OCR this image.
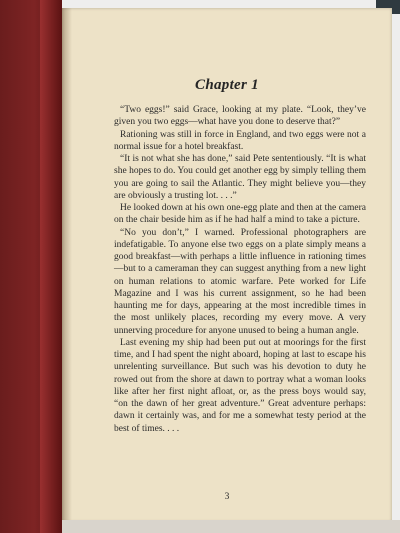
Chapter 1

“Two eggs!” said Grace, looking at my plate. “Look, they’ve given you two eggs—what have you done to deserve that?”

Rationing was still in force in England, and two eggs were not a normal issue for a hotel breakfast.

“It is not what she has done,” said Pete sententiously. “It is what she hopes to do. You could get another egg by simply telling them you are going to sail the Atlantic. They might believe you—they are obviously a trusting lot. . . .”

He looked down at his own one-egg plate and then at the camera on the chair beside him as if he had half a mind to take a picture.

“No you don’t,” I warned. Professional photographers are indefatigable. To anyone else two eggs on a plate simply means a good breakfast—with perhaps a little influence in rationing times—but to a cameraman they can suggest anything from a new light on human relations to atomic warfare. Pete worked for Life Magazine and I was his current assignment, so he had been haunting me for days, appearing at the most incredible times in the most unlikely places, recording my every move. A very unnerving procedure for anyone unused to being a human angle.

Last evening my ship had been put out at moorings for the first time, and I had spent the night aboard, hoping at last to escape his unrelenting surveillance. But such was his devotion to duty he rowed out from the shore at dawn to portray what a woman looks like after her first night afloat, or, as the press boys would say, “on the dawn of her great adventure.” Great adventure perhaps: dawn it certainly was, and for me a somewhat testy period at the best of times. . . .

3
